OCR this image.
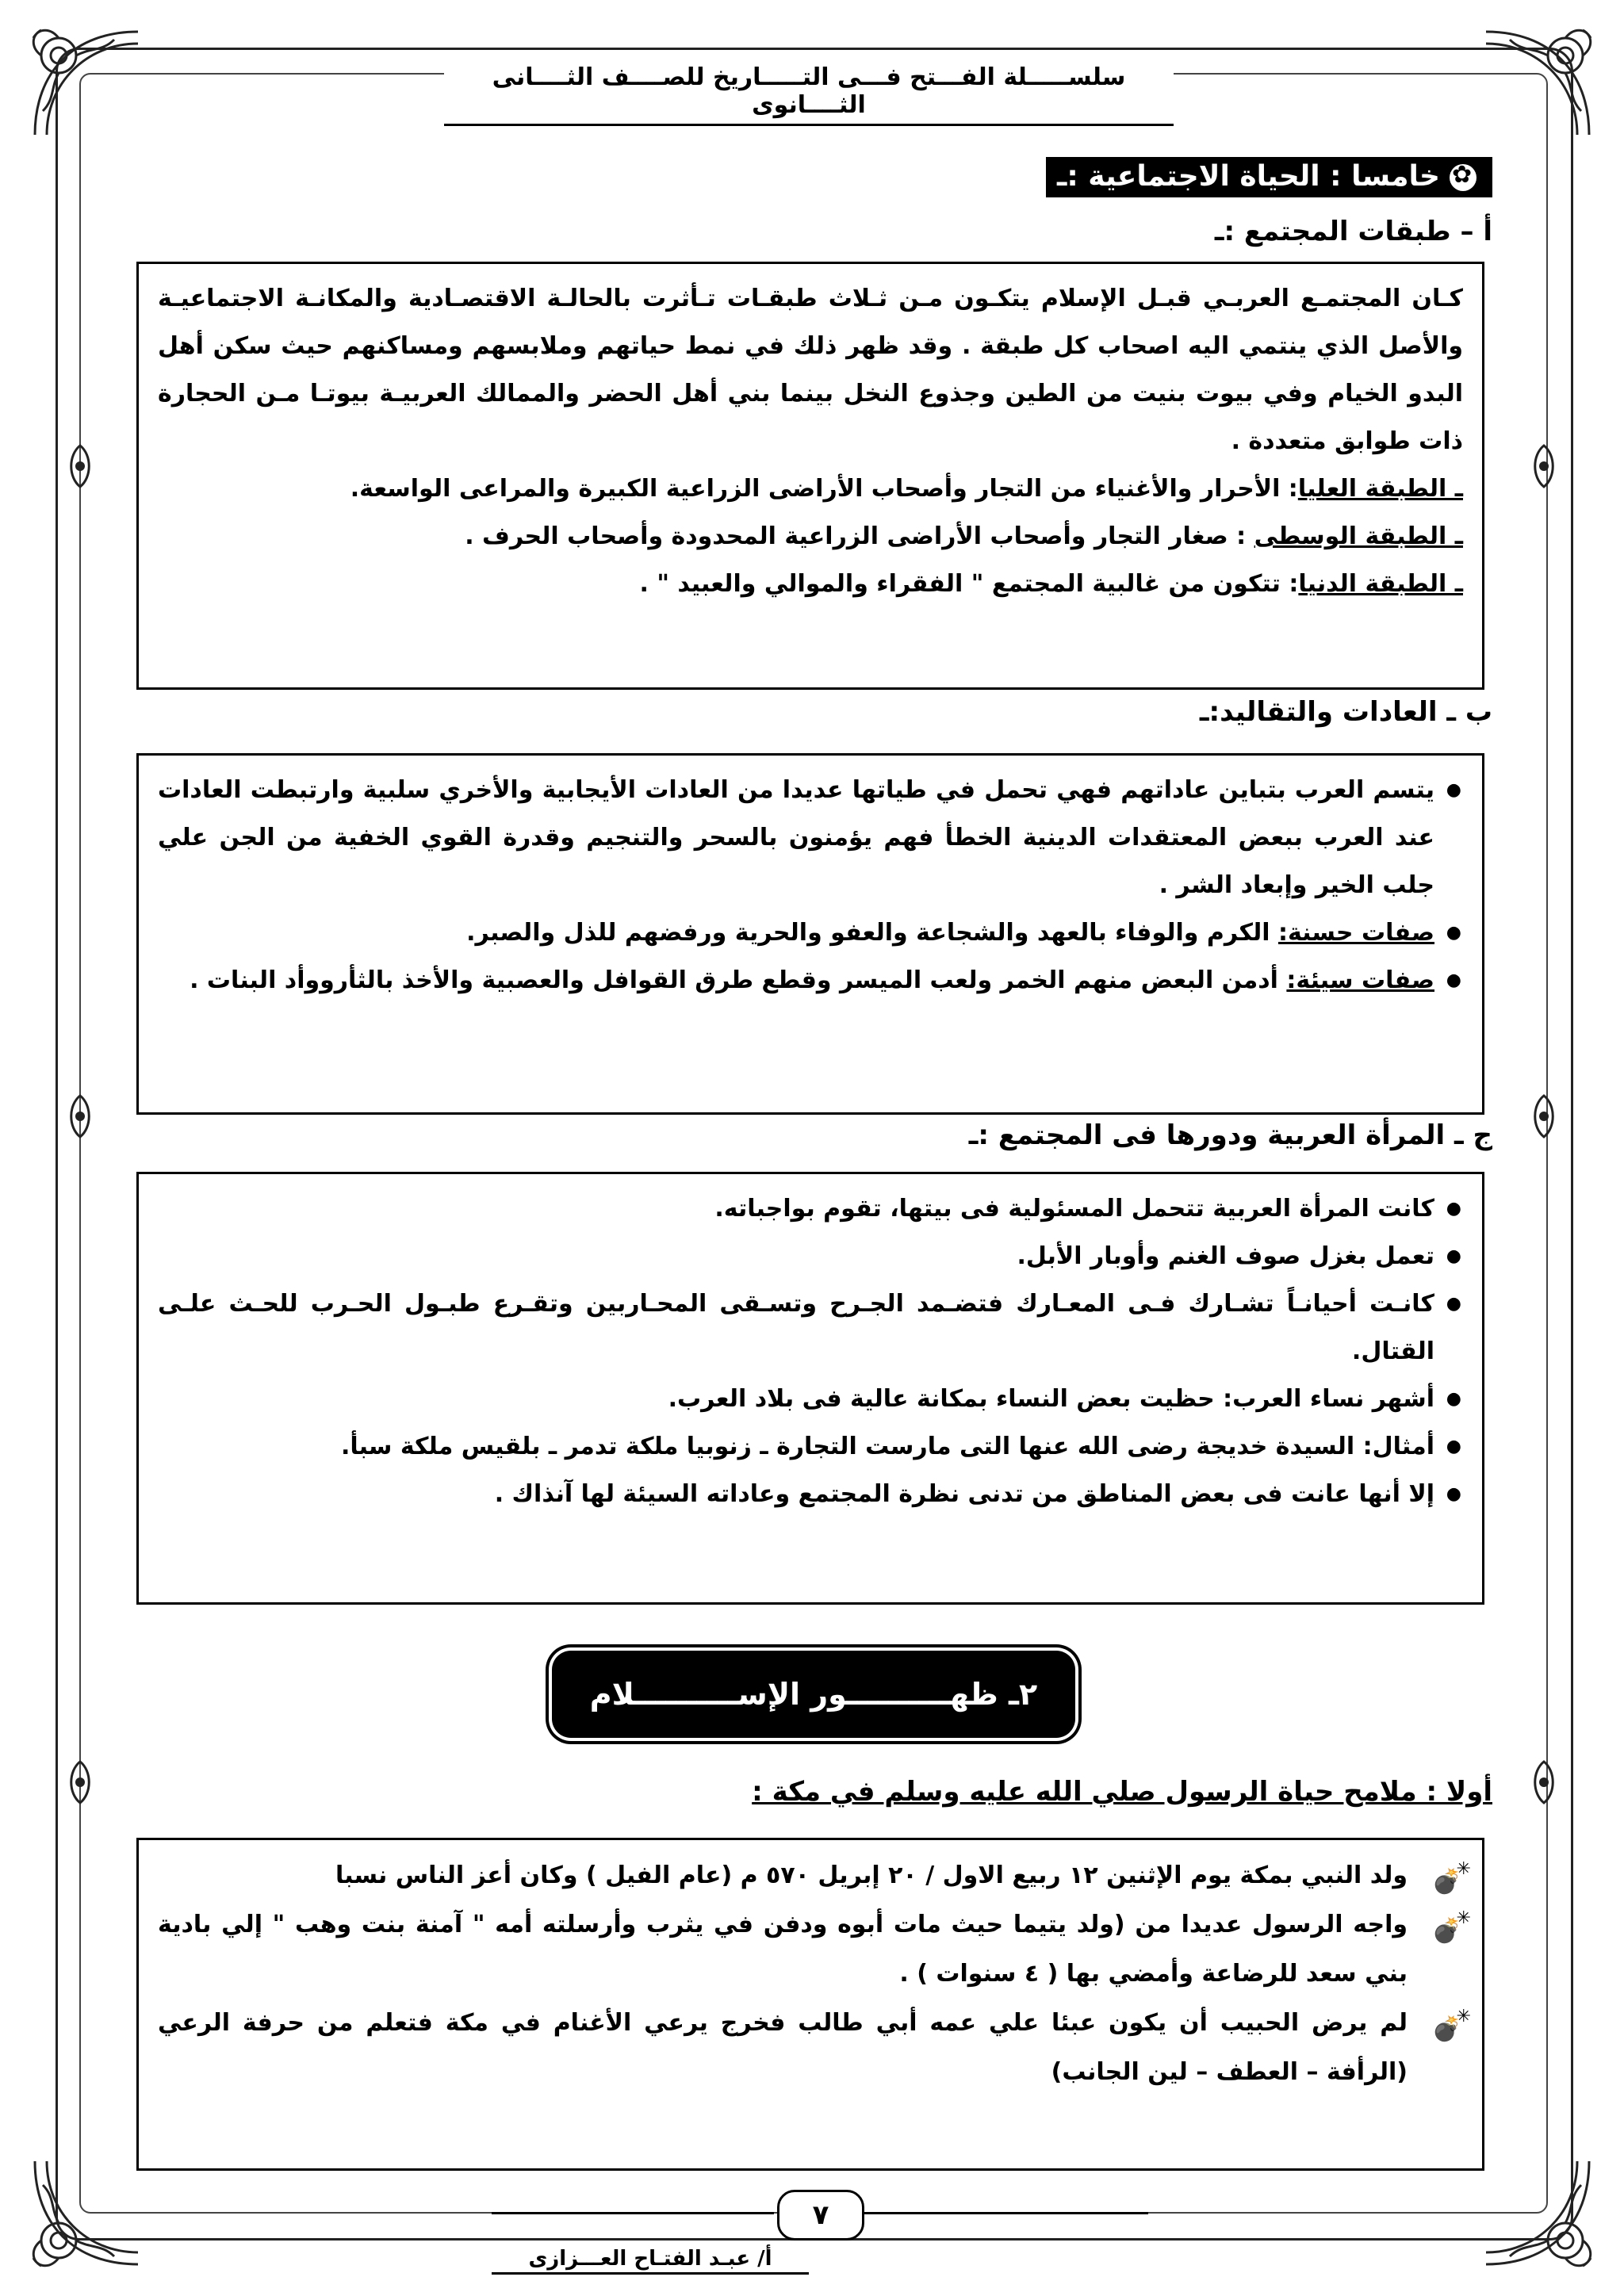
سلســـــلة الفـــتح فـــى التـــــاريخ للصــــف الثــــانى الثــــانوى
✿خامسا : الحياة الاجتماعية :ـ
أ – طبقات المجتمع :ـ

كـان المجتمـع العربـي قبـل الإسلام يتكـون مـن ثـلاث طبقـات تـأثرت بالحالـة الاقتصـادية والمكانـة الاجتماعيـة والأصل الذي ينتمي اليه اصحاب كل طبقة . وقد ظهر ذلك في نمط حياتهم وملابسهم ومساكنهم حيث سكن أهل البدو الخيام وفي بيوت بنيت من الطين وجذوع النخل بينما بني أهل الحضر والممالك العربيـة بيوتـا مـن الحجارة ذات طوابق متعددة .

ـ الطبقة العليا: الأحرار والأغنياء من التجار وأصحاب الأراضى الزراعية الكبيرة والمراعى الواسعة.

ـ الطبقة الوسطى : صغار التجار وأصحاب الأراضى الزراعية المحدودة وأصحاب الحرف .

ـ الطبقة الدنيا: تتكون من غالبية المجتمع " الفقراء والموالي والعبيد " .

ب ـ العادات والتقاليد:ـ
● يتسم العرب بتباين عاداتهم فهي تحمل في طياتها عديدا من العادات الأيجابية والأخري سلبية وارتبطت العادات عند العرب ببعض المعتقدات الدينية الخطأ فهم يؤمنون بالسحر والتنجيم وقدرة القوي الخفية من الجن علي جلب الخير وإبعاد الشر .
● صفات حسنة: الكرم والوفاء بالعهد والشجاعة والعفو والحرية ورفضهم للذل والصبر.
● صفات سيئة: أدمن البعض منهم الخمر ولعب الميسر وقطع طرق القوافل والعصبية والأخذ بالثأرووأد البنات .
ج ـ المرأة العربية ودورها فى المجتمع :ـ
● كانت المرأة العربية تتحمل المسئولية فى بيتها، تقوم بواجباته.
● تعمل بغزل صوف الغنم وأوبار الأبل.
● كانـت أحيانـاً تشـارك فـى المعـارك فتضـمد الجـرح وتسـقى المحـاربين وتقـرع طبـول الحـرب للحـث علـى القتال.
● أشهر نساء العرب: حظيت بعض النساء بمكانة عالية فى بلاد العرب.
● أمثال: السيدة خديجة رضى الله عنها التى مارست التجارة ـ زنوبيا ملكة تدمر ـ بلقيس ملكة سبأ.
● إلا أنها عانت فى بعض المناطق من تدنى نظرة المجتمع وعاداته السيئة لها آنذاك .
٢ـ ظهــــــــــور الإســــــــــلام
أولا : ملامح حياة الرسول صلي الله عليه وسلم في مكة :
✳
💣
ولد النبي بمكة يوم الإثنين ١٢ ربيع الاول / ٢٠ إبريل ٥٧٠ م (عام الفيل ) وكان أعز الناس نسبا
✳
💣
واجه الرسول عديدا من (ولد يتيما حيث مات أبوه ودفن في يثرب وأرسلته أمه " آمنة بنت وهب " إلي بادية بني سعد للرضاعة وأمضي بها ( ٤ سنوات ) .
✳
💣
لم يرض الحبيب أن يكون عبئا علي عمه أبي طالب فخرج يرعي الأغنام في مكة فتعلم من حرفة الرعي (الرأفة – العطف – لين الجانب)
٧
أ/ عبـد الفتـاح العـــزازى
